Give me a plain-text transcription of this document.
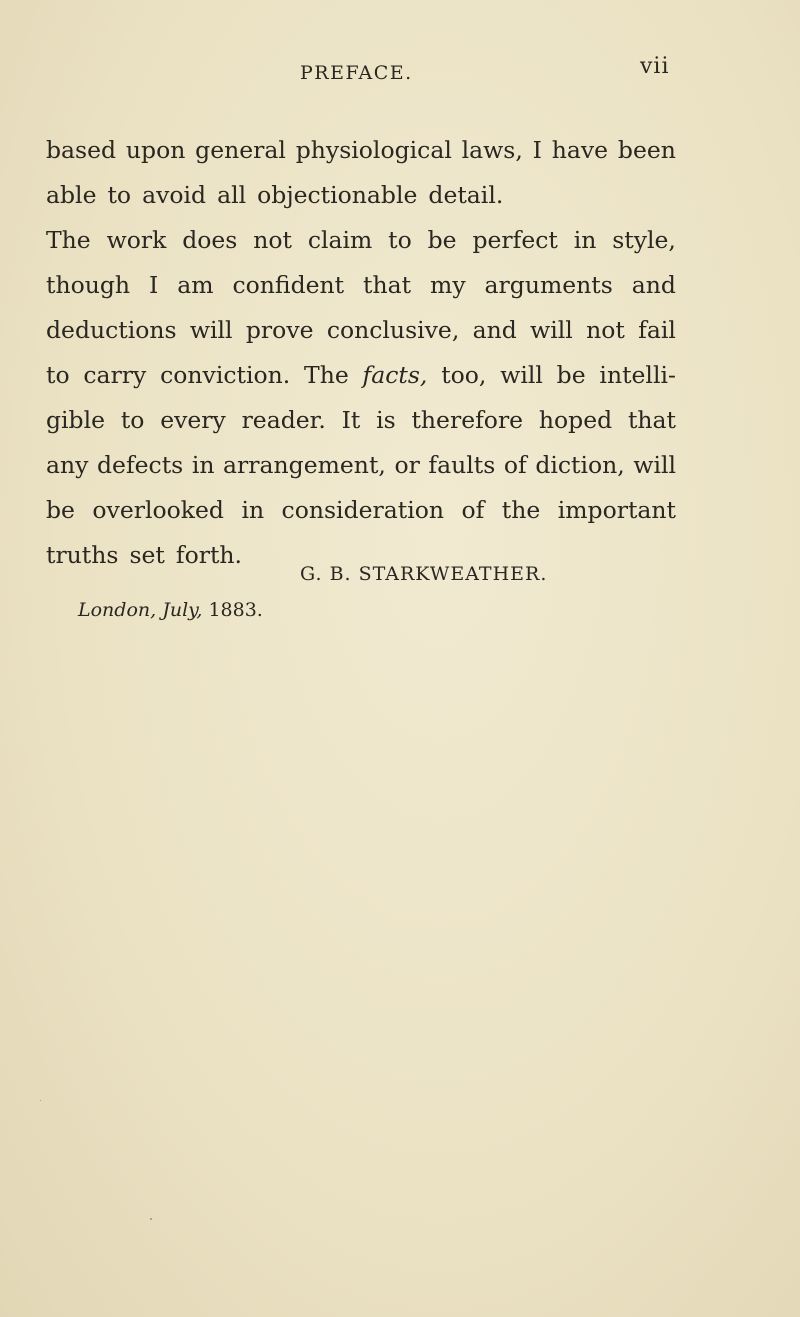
PREFACE.	vii
based upon general physiological laws, I have been
able to avoid all objectionable detail.
The work does not claim to be perfect in style,
though I am confident that my arguments and
deductions will prove conclusive, and will not fail
to carry conviction. The facts, too, will be intelli-
gible to every reader. It is therefore hoped that
any defects in arrangement, or faults of diction, will
be overlooked in consideration of the important
truths set forth.
G. B. STARKWEATHER.
London, July, 1883.
